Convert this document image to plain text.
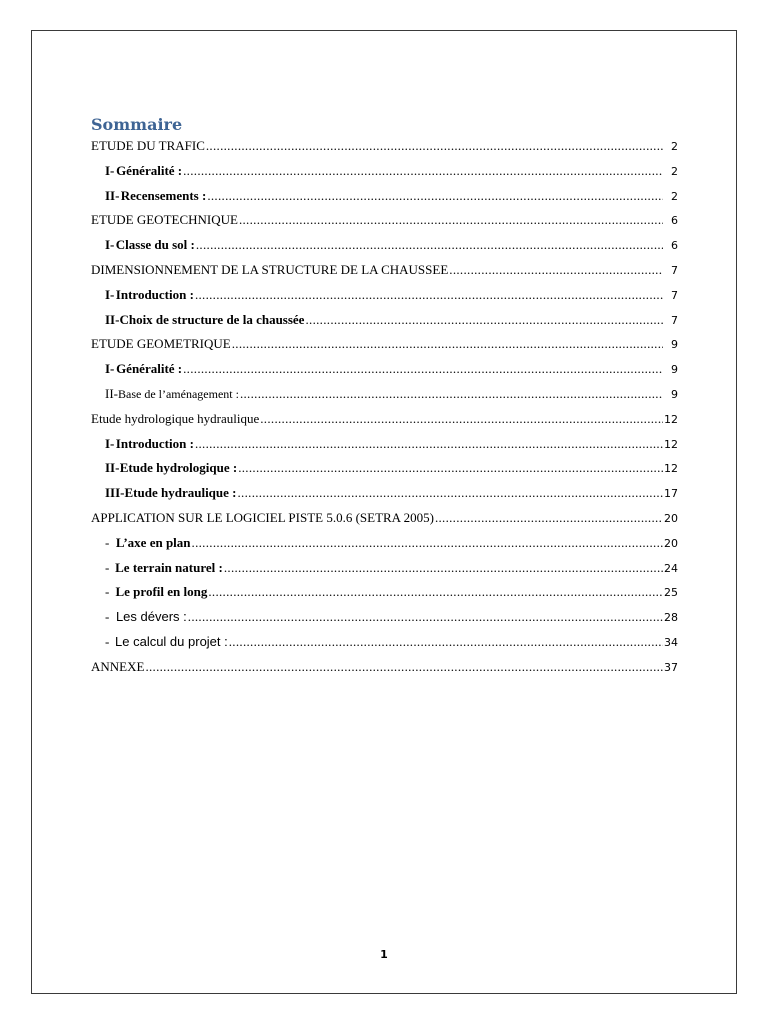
Sommaire
ETUDE DU TRAFIC .....	2
I- Généralité : .....	2
II- Recensements : .....	2
ETUDE GEOTECHNIQUE .....	6
I- Classe du sol : .....	6
DIMENSIONNEMENT DE LA STRUCTURE DE LA CHAUSSEE .....	7
I- Introduction : .....	7
II- Choix de structure de la chaussée .....	7
ETUDE GEOMETRIQUE .....	9
I- Généralité : .....	9
II- Base de l’aménagement : .....	9
Etude hydrologique hydraulique .....	12
I- Introduction : .....	12
II- Etude hydrologique : .....	12
III- Etude hydraulique : .....	17
APPLICATION SUR LE LOGICIEL PISTE 5.0.6 (SETRA 2005) .....	20
- L’axe en plan .....	20
- Le terrain naturel : .....	24
- Le profil en long .....	25
- Les dévers : .....	28
- Le calcul du projet : .....	34
ANNEXE .....	37
1
